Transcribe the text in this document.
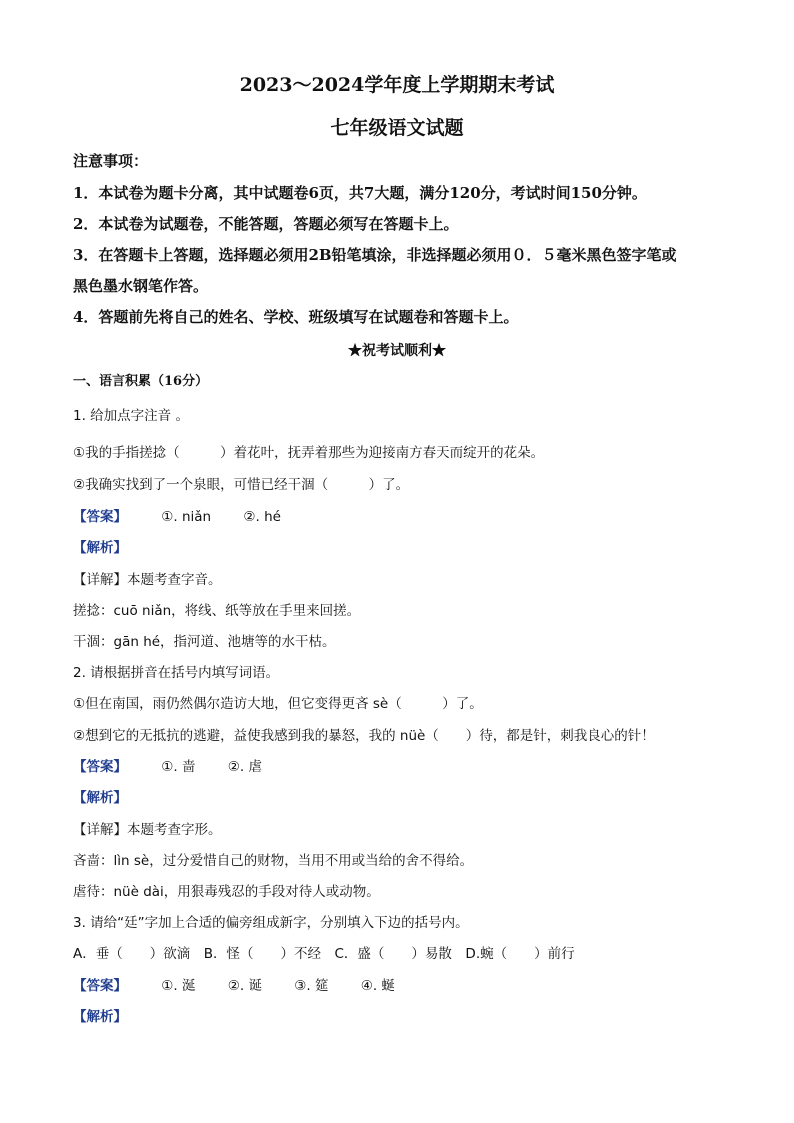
2023～2024学年度上学期期末考试
七年级语文试题
注意事项：
1．本试卷为题卡分离，其中试题卷6页，共7大题，满分120分，考试时间150分钟。
2．本试卷为试题卷，不能答题，答题必须写在答题卡上。
3．在答题卡上答题，选择题必须用2B铅笔填涂，非选择题必须用０．５毫米黑色签字笔或
黑色墨水钢笔作答。
4．答题前先将自己的姓名、学校、班级填写在试题卷和答题卡上。
★祝考试顺利★
一、语言积累（16分）
1. 给加点字注音 。
①我的手指搓捻（　　　）着花叶，抚弄着那些为迎接南方春天而绽开的花朵。
②我确实找到了一个泉眼，可惜已经干涸（　　　）了。
【答案】	①. niǎn ②. hé
【解析】
【详解】本题考查字音。
搓捻：cuō niǎn，将线、纸等放在手里来回搓。
干涸：gān hé，指河道、池塘等的水干枯。
2. 请根据拼音在括号内填写词语。
①但在南国，雨仍然偶尔造访大地，但它变得更吝 sè（　　　）了。
②想到它的无抵抗的逃避，益使我感到我的暴怒，我的 nüè（　　）待，都是针，刺我良心的针！
【答案】	①. 啬 ②. 虐
【解析】
【详解】本题考查字形。
吝啬：lìn sè，过分爱惜自己的财物，当用不用或当给的舍不得给。
虐待：nüè dài，用狠毒残忍的手段对待人或动物。
3. 请给“廷”字加上合适的偏旁组成新字，分别填入下边的括号内。
A．垂（　　）欲滴　B．怪（　　）不经　C．盛（　　）易散　D.蜿（　　）前行
【答案】	①. 涎 ②. 诞 ③. 筵 ④. 蜒
【解析】
